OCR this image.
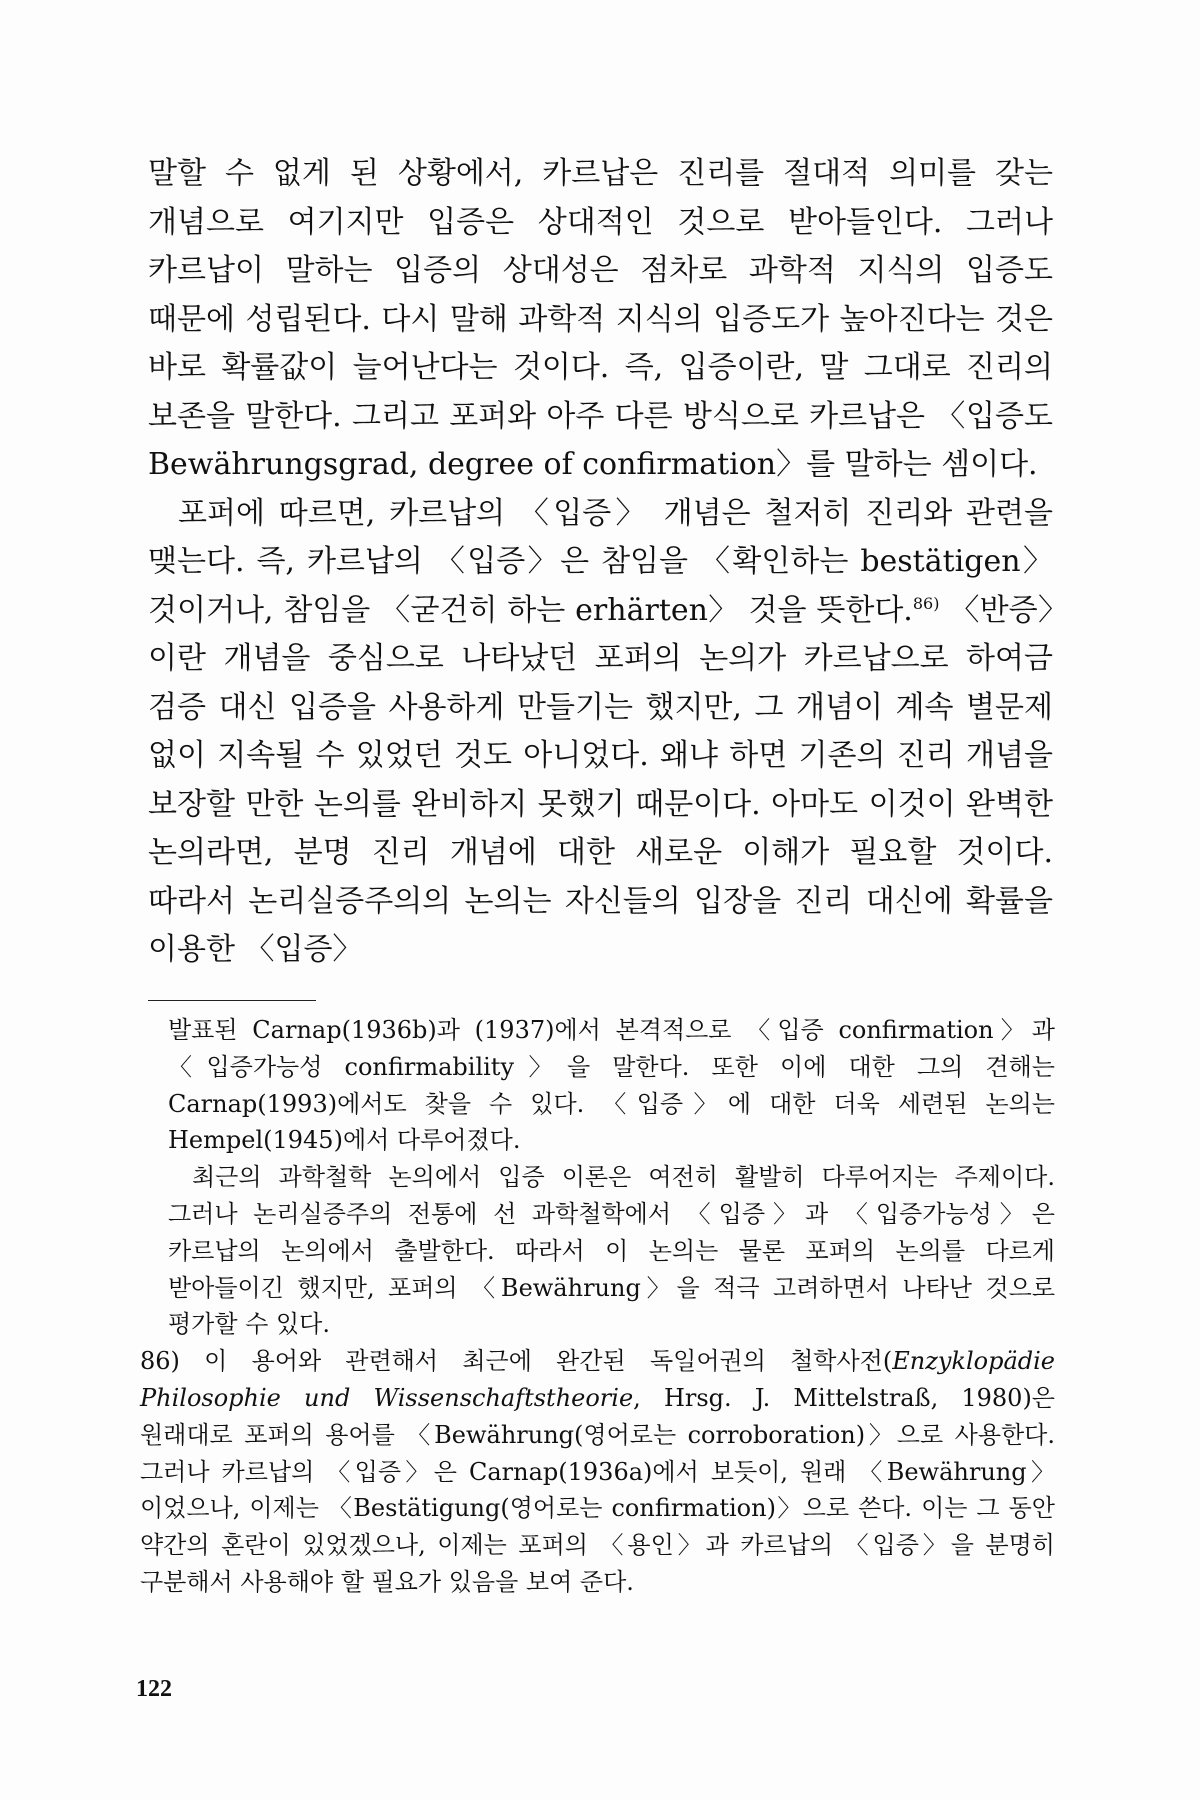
말할 수 없게 된 상황에서, 카르납은 진리를 절대적 의미를 갖는 개념으로 여기지만 입증은 상대적인 것으로 받아들인다. 그러나 카르납이 말하는 입증의 상대성은 점차로 과학적 지식의 입증도 때문에 성립된다. 다시 말해 과학적 지식의 입증도가 높아진다는 것은 바로 확률값이 늘어난다는 것이다. 즉, 입증이란, 말 그대로 진리의 보존을 말한다. 그리고 포퍼와 아주 다른 방식으로 카르납은 〈입증도 Bewährungsgrad, degree of confirmation〉를 말하는 셈이다.

포퍼에 따르면, 카르납의 〈입증〉 개념은 철저히 진리와 관련을 맺는다. 즉, 카르납의 〈입증〉은 참임을 〈확인하는 bestätigen〉 것이거나, 참임을 〈굳건히 하는 erhärten〉 것을 뜻한다.$^{86)}$ 〈반증〉이란 개념을 중심으로 나타났던 포퍼의 논의가 카르납으로 하여금 검증 대신 입증을 사용하게 만들기는 했지만, 그 개념이 계속 별문제 없이 지속될 수 있었던 것도 아니었다. 왜냐 하면 기존의 진리 개념을 보장할 만한 논의를 완비하지 못했기 때문이다. 아마도 이것이 완벽한 논의라면, 분명 진리 개념에 대한 새로운 이해가 필요할 것이다. 따라서 논리실증주의의 논의는 자신들의 입장을 진리 대신에 확률을 이용한 〈입증〉

발표된 Carnap(1936b)과 (1937)에서 본격적으로 〈입증 confirmation〉과 〈입증가능성 confirmability〉을 말한다. 또한 이에 대한 그의 견해는 Carnap(1993)에서도 찾을 수 있다. 〈입증〉에 대한 더욱 세련된 논의는 Hempel(1945)에서 다루어졌다.

최근의 과학철학 논의에서 입증 이론은 여전히 활발히 다루어지는 주제이다. 그러나 논리실증주의 전통에 선 과학철학에서 〈입증〉과 〈입증가능성〉은 카르납의 논의에서 출발한다. 따라서 이 논의는 물론 포퍼의 논의를 다르게 받아들이긴 했지만, 포퍼의 〈Bewährung〉을 적극 고려하면서 나타난 것으로 평가할 수 있다.

86) 이 용어와 관련해서 최근에 완간된 독일어권의 철학사전(Enzyklopädie Philosophie und Wissenschaftstheorie, Hrsg. J. Mittelstraß, 1980)은 원래대로 포퍼의 용어를 〈Bewährung(영어로는 corroboration)〉으로 사용한다. 그러나 카르납의 〈입증〉은 Carnap(1936a)에서 보듯이, 원래 〈Bewährung〉이었으나, 이제는 〈Bestätigung(영어로는 confirmation)〉으로 쓴다. 이는 그 동안 약간의 혼란이 있었겠으나, 이제는 포퍼의 〈용인〉과 카르납의 〈입증〉을 분명히 구분해서 사용해야 할 필요가 있음을 보여 준다.

122
